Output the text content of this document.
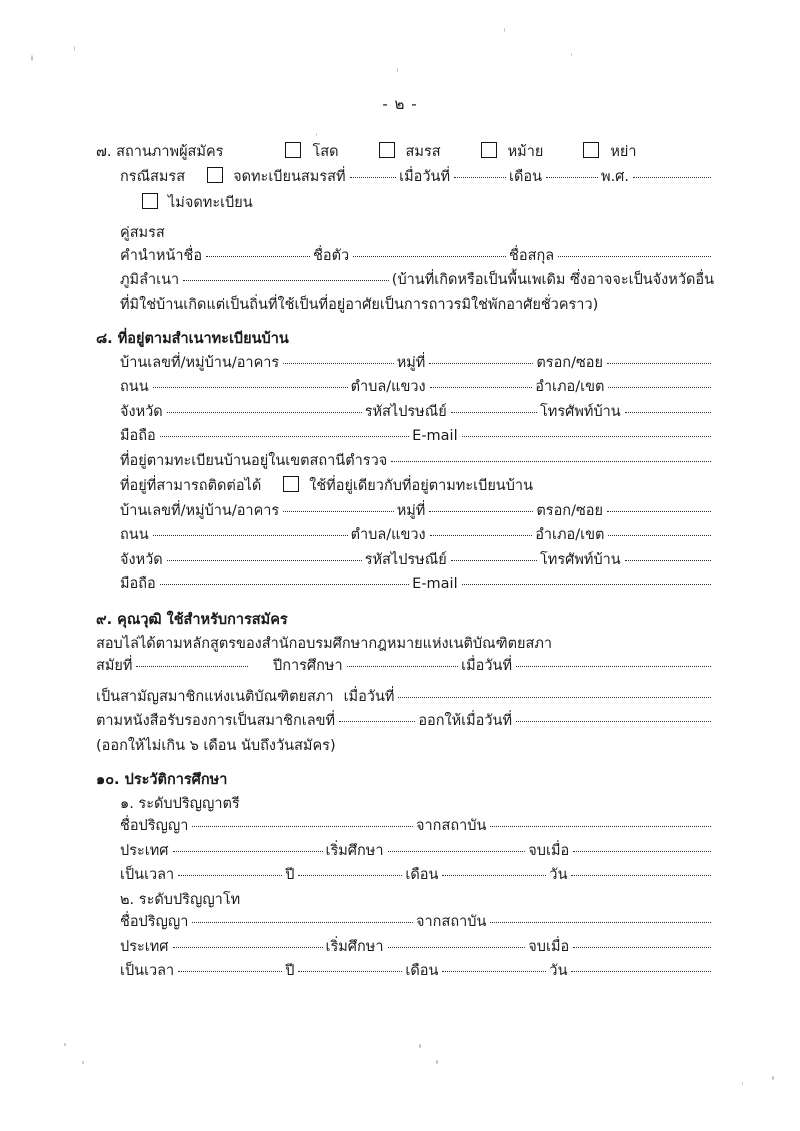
- ๒ -
๗. สถานภาพผู้สมัคร	โสด	สมรส	หม้าย	หย่า
กรณีสมรส	จดทะเบียนสมรสที่	เมื่อวันที่	เดือน	พ.ศ.
ไม่จดทะเบียน
คู่สมรส
คำนำหน้าชื่อ	ชื่อตัว	ชื่อสกุล
ภูมิลำเนา	(บ้านที่เกิดหรือเป็นพื้นเพเดิม ซึ่งอาจจะเป็นจังหวัดอื่น
ที่มิใช่บ้านเกิดแต่เป็นถิ่นที่ใช้เป็นที่อยู่อาศัยเป็นการถาวรมิใช่พักอาศัยชั่วคราว)
๘. ที่อยู่ตามสำเนาทะเบียนบ้าน
บ้านเลขที่/หมู่บ้าน/อาคาร	หมู่ที่	ตรอก/ซอย
ถนน	ตำบล/แขวง	อำเภอ/เขต
จังหวัด	รหัสไปรษณีย์	โทรศัพท์บ้าน
มือถือ	E-mail
ที่อยู่ตามทะเบียนบ้านอยู่ในเขตสถานีตำรวจ
ที่อยู่ที่สามารถติดต่อได้	ใช้ที่อยู่เดียวกับที่อยู่ตามทะเบียนบ้าน
บ้านเลขที่/หมู่บ้าน/อาคาร	หมู่ที่	ตรอก/ซอย
ถนน	ตำบล/แขวง	อำเภอ/เขต
จังหวัด	รหัสไปรษณีย์	โทรศัพท์บ้าน
มือถือ	E-mail
๙. คุณวุฒิ ใช้สำหรับการสมัคร
สอบไล่ได้ตามหลักสูตรของสำนักอบรมศึกษากฎหมายแห่งเนติบัณฑิตยสภา
สมัยที่	ปีการศึกษา	เมื่อวันที่
เป็นสามัญสมาชิกแห่งเนติบัณฑิตยสภา เมื่อวันที่
ตามหนังสือรับรองการเป็นสมาชิกเลขที่	ออกให้เมื่อวันที่
(ออกให้ไม่เกิน ๖ เดือน นับถึงวันสมัคร)
๑๐. ประวัติการศึกษา
๑. ระดับปริญญาตรี
ชื่อปริญญา	จากสถาบัน
ประเทศ	เริ่มศึกษา	จบเมื่อ
เป็นเวลา	ปี	เดือน	วัน
๒. ระดับปริญญาโท
ชื่อปริญญา	จากสถาบัน
ประเทศ	เริ่มศึกษา	จบเมื่อ
เป็นเวลา	ปี	เดือน	วัน
